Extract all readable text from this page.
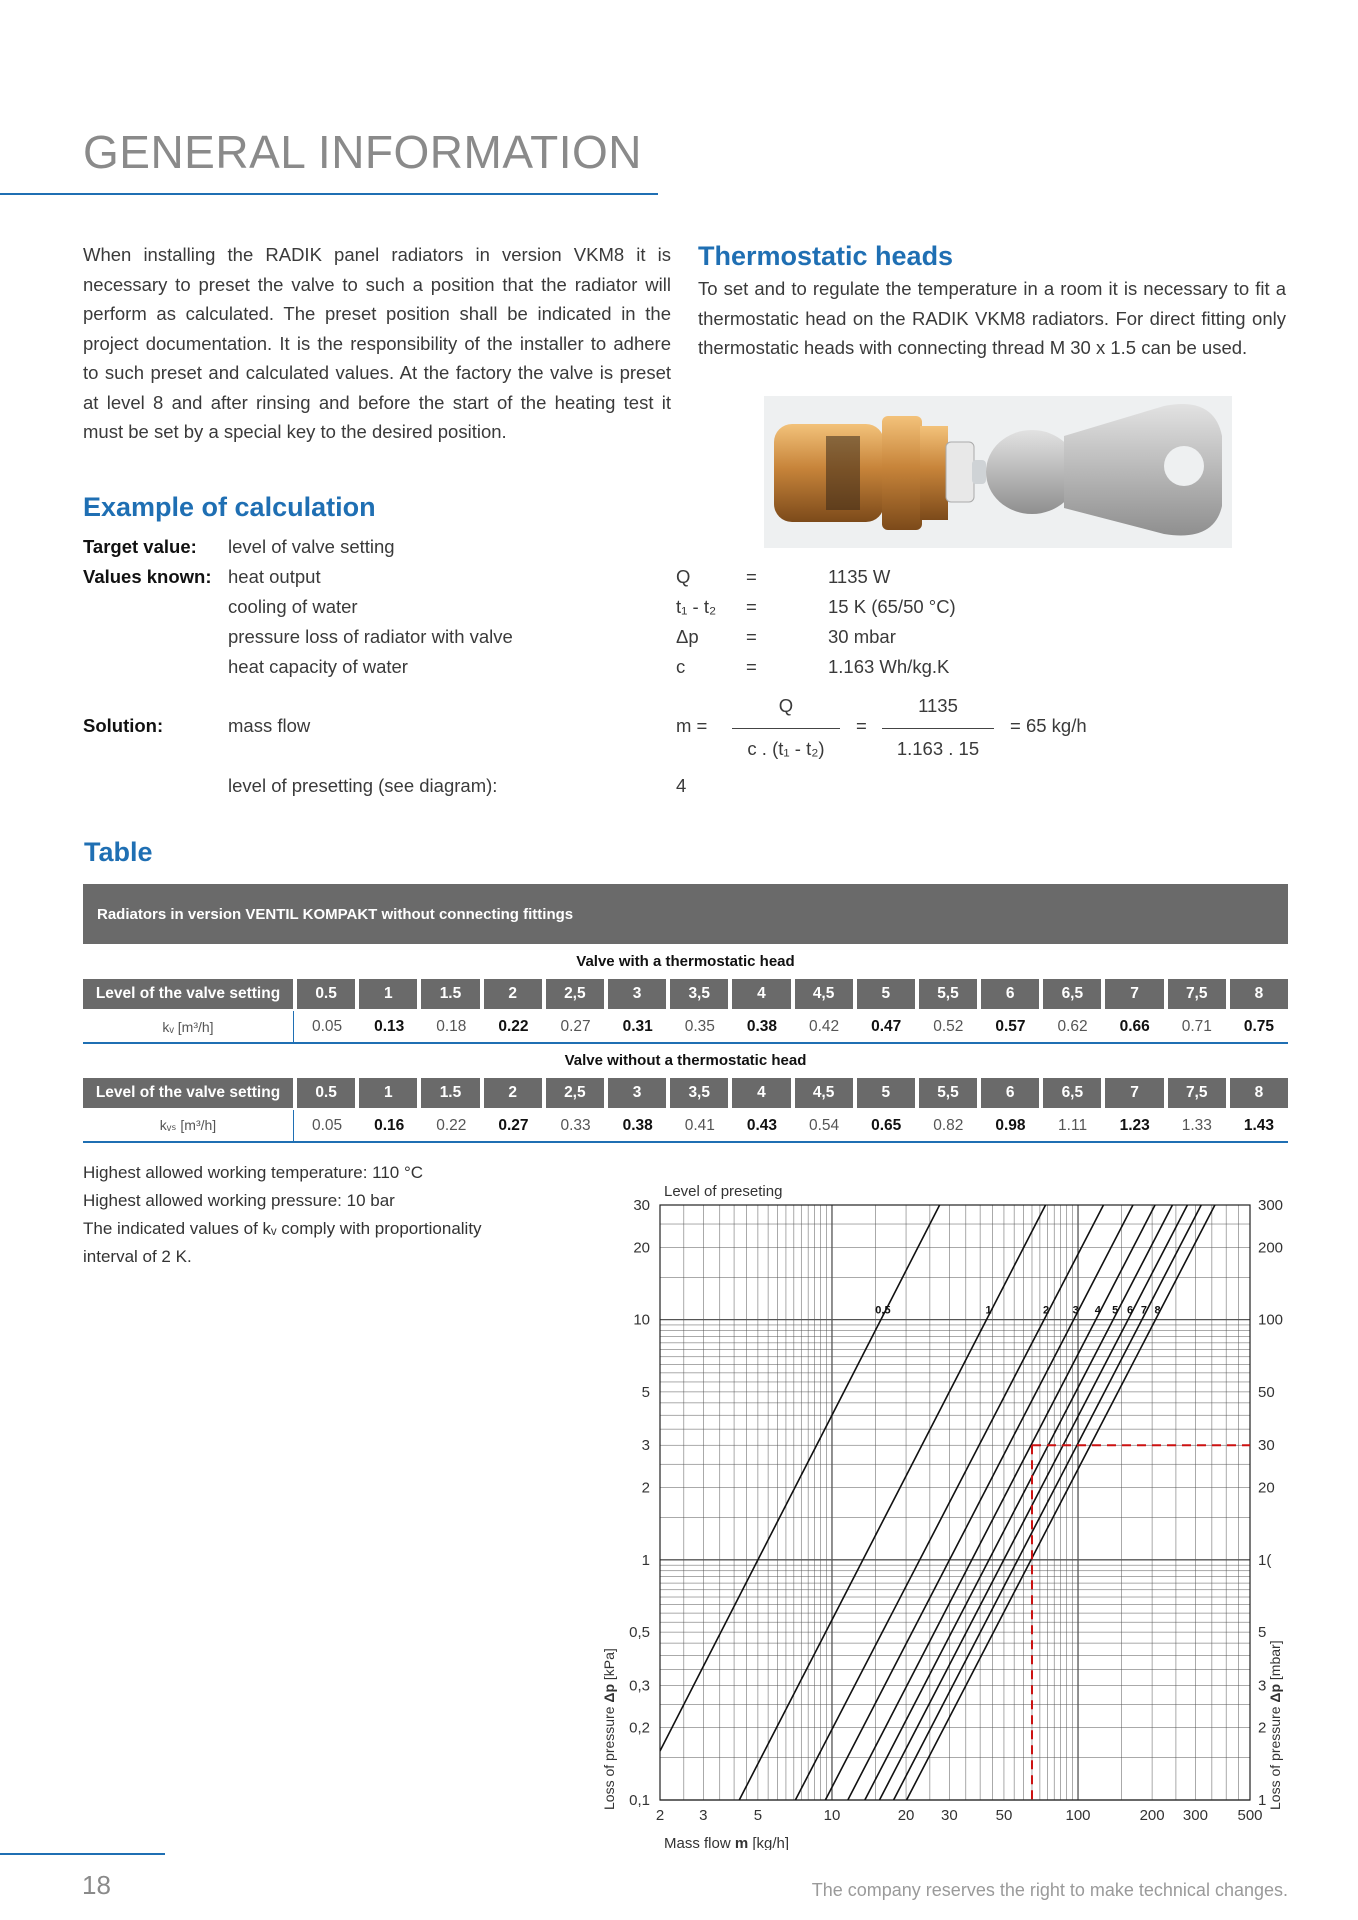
GENERAL INFORMATION
When installing the RADIK panel radiators in version VKM8 it is necessary to preset the valve to such a position that the radiator will perform as calculated. The preset position shall be indicated in the project documentation. It is the responsibility of the installer to adhere to such preset and calculated values. At the factory the valve is preset at level 8 and after rinsing and before the start of the heating test it must be set by a special key to the desired position.
Thermostatic heads
To set and to regulate the temperature in a room it is necessary to fit a thermostatic head on the RADIK VKM8 radiators. For direct fitting only thermostatic heads with connecting thread M 30 x 1.5 can be used.
Example of calculation
Target value: level of valve setting
Values known: heat output	Q	=	1135 W
cooling of water	t₁ - t₂ =	15 K (65/50 °C)
pressure loss of radiator with valve	Δp	=	30 mbar
heat capacity of water	c	=	1.163 Wh/kg.K
Solution:	mass flow	m =
Q
c . (t₁ - t₂)
=
1135
1.163 . 15
= 65 kg/h
level of presetting (see diagram):	4
Table
Radiators in version VENTIL KOMPAKT without connecting fittings
Valve with a thermostatic head
Level of the valve setting	0.5	1	1.5	2	2,5	3	3,5	4	4,5	5	5,5	6	6,5	7	7,5	8
kᵥ [m³/h]	0.05	0.13	0.18	0.22	0.27	0.31	0.35	0.38	0.42	0.47	0.52	0.57	0.62	0.66	0.71	0.75
Valve without a thermostatic head
Level of the valve setting	0.5	1	1.5	2	2,5	3	3,5	4	4,5	5	5,5	6	6,5	7	7,5	8
kᵥₛ [m³/h]	0.05	0.16	0.22	0.27	0.33	0.38	0.41	0.43	0.54	0.65	0.82	0.98	1.11	1.23	1.33	1.43
Highest allowed working temperature: 110 °C
Highest allowed working pressure: 10 bar
The indicated values of kᵥ comply with proportionality
interval of 2 K.
0,5	1	2 3 4 5 6 7 8
2 3	5	10	20 30	50	100	200 300 500
0,1	1
0,2	2
0,3	3
0,5	5
1	1(
2	20
3	30
5	50
10	100
20	200
30	300
Level of preseting
Mass flow m [kg/h]
Loss of pressure Δp [kPa]
Loss of pressure Δp [mbar]
18	The company reserves the right to make technical changes.
